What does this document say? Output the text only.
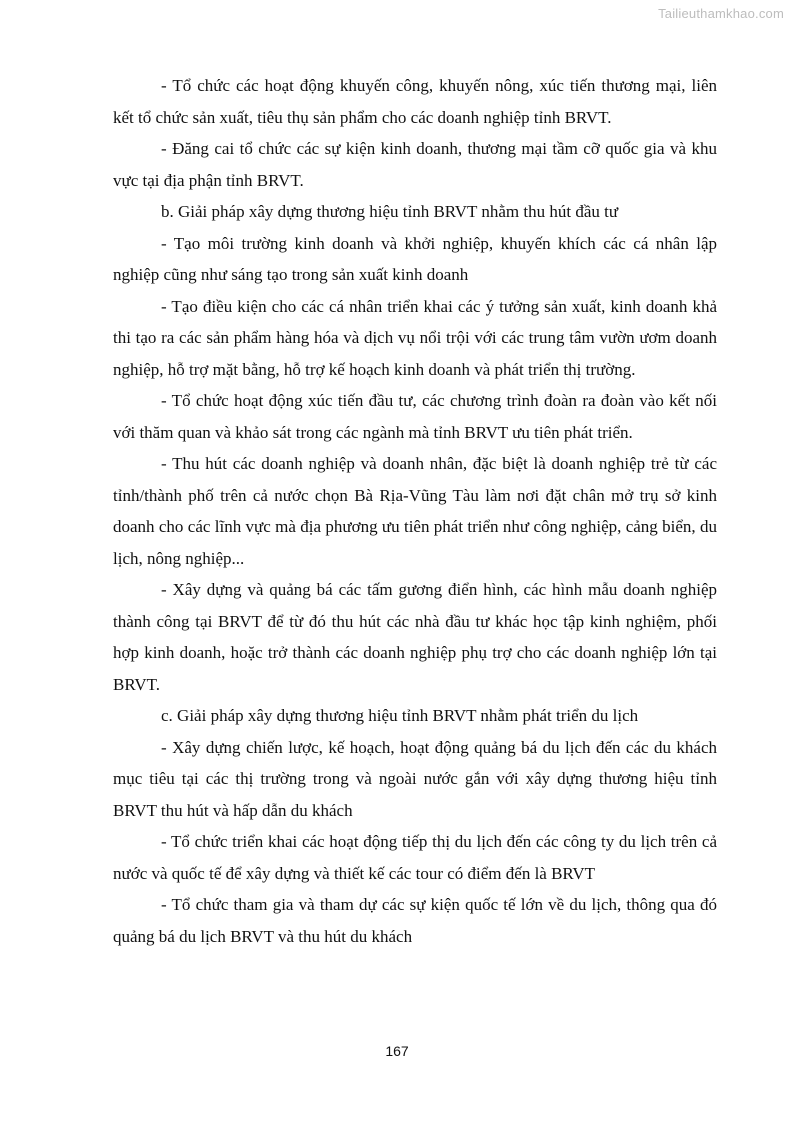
Tailieuthamkhao.com

- Tổ chức các hoạt động khuyến công, khuyến nông, xúc tiến thương mại, liên kết tổ chức sản xuất, tiêu thụ sản phẩm cho các doanh nghiệp tỉnh BRVT.

- Đăng cai tổ chức các sự kiện kinh doanh, thương mại tầm cỡ quốc gia và khu vực tại địa phận tỉnh BRVT.

b. Giải pháp xây dựng thương hiệu tỉnh BRVT nhằm thu hút đầu tư

- Tạo môi trường kinh doanh và khởi nghiệp, khuyến khích các cá nhân lập nghiệp cũng như sáng tạo trong sản xuất kinh doanh

- Tạo điều kiện cho các cá nhân triển khai các ý tưởng sản xuất, kinh doanh khả thi tạo ra các sản phẩm hàng hóa và dịch vụ nổi trội với các trung tâm vườn ươm doanh nghiệp, hỗ trợ mặt bằng, hỗ trợ kế hoạch kinh doanh và phát triển thị trường.

- Tổ chức hoạt động xúc tiến đầu tư, các chương trình đoàn ra đoàn vào kết nối với thăm quan và khảo sát trong các ngành mà tỉnh BRVT ưu tiên phát triển.

- Thu hút các doanh nghiệp và doanh nhân, đặc biệt là doanh nghiệp trẻ từ các tỉnh/thành phố trên cả nước chọn Bà Rịa-Vũng Tàu làm nơi đặt chân mở trụ sở kinh doanh cho các lĩnh vực mà địa phương ưu tiên phát triển như công nghiệp, cảng biển, du lịch, nông nghiệp...

- Xây dựng và quảng bá các tấm gương điển hình, các hình mẫu doanh nghiệp thành công tại BRVT để từ đó thu hút các nhà đầu tư khác học tập kinh nghiệm, phối hợp kinh doanh, hoặc trở thành các doanh nghiệp phụ trợ cho các doanh nghiệp lớn tại BRVT.

c. Giải pháp xây dựng thương hiệu tỉnh BRVT nhằm phát triển du lịch

- Xây dựng chiến lược, kế hoạch, hoạt động quảng bá du lịch đến các du khách mục tiêu tại các thị trường trong và ngoài nước gắn với xây dựng thương hiệu tỉnh BRVT thu hút và hấp dẫn du khách

- Tổ chức triển khai các hoạt động tiếp thị du lịch đến các công ty du lịch trên cả nước và quốc tế để xây dựng và thiết kế các tour có điểm đến là BRVT

- Tổ chức tham gia và tham dự các sự kiện quốc tế lớn về du lịch, thông qua đó quảng bá du lịch BRVT và thu hút du khách

167
